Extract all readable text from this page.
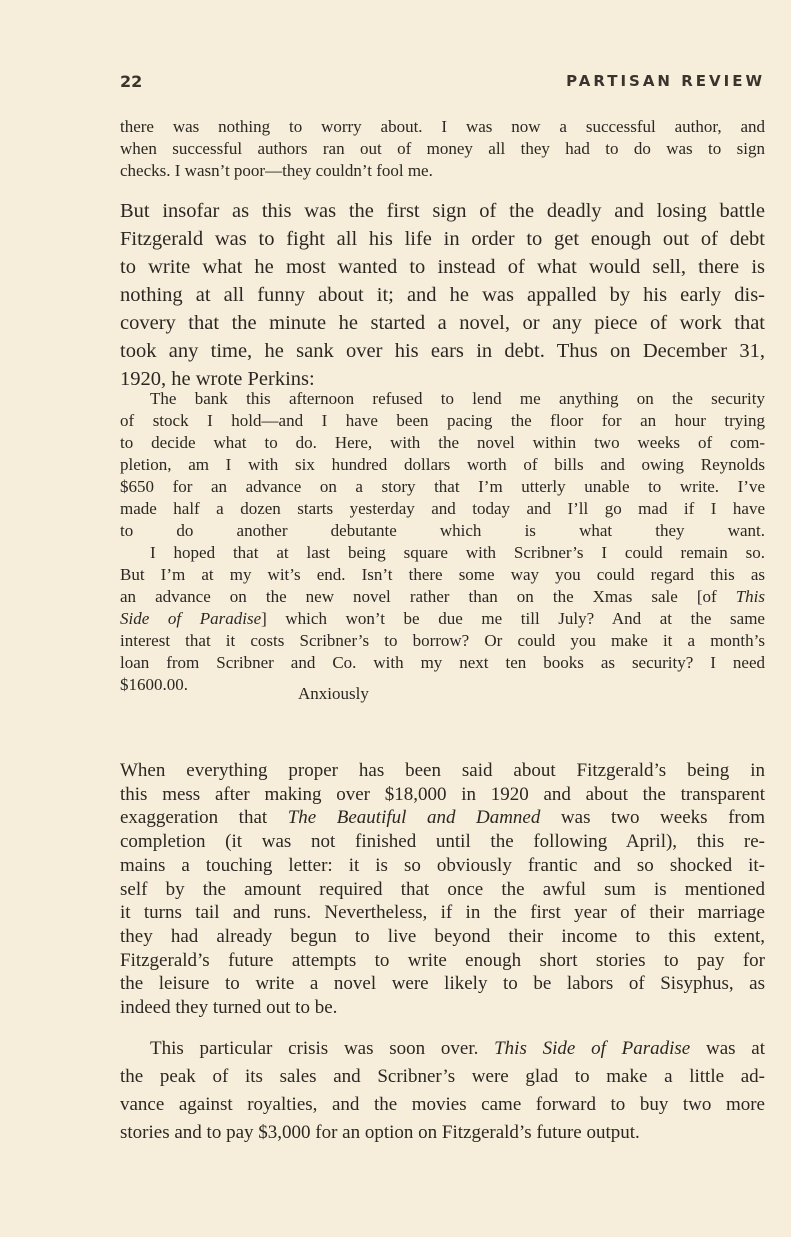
22	PARTISAN REVIEW
there was nothing to worry about. I was now a successful author, and
when successful authors ran out of money all they had to do was to sign
checks. I wasn’t poor—they couldn’t fool me.
But insofar as this was the first sign of the deadly and losing battle
Fitzgerald was to fight all his life in order to get enough out of debt
to write what he most wanted to instead of what would sell, there is
nothing at all funny about it; and he was appalled by his early dis-
covery that the minute he started a novel, or any piece of work that
took any time, he sank over his ears in debt. Thus on December 31,
1920, he wrote Perkins:
The bank this afternoon refused to lend me anything on the security
of stock I hold—and I have been pacing the floor for an hour trying
to decide what to do. Here, with the novel within two weeks of com-
pletion, am I with six hundred dollars worth of bills and owing Reynolds
$650 for an advance on a story that I’m utterly unable to write. I’ve
made half a dozen starts yesterday and today and I’ll go mad if I have
to do another debutante which is what they want.
I hoped that at last being square with Scribner’s I could remain so.
But I’m at my wit’s end. Isn’t there some way you could regard this as
an advance on the new novel rather than on the Xmas sale [of This
Side of Paradise] which won’t be due me till July? And at the same
interest that it costs Scribner’s to borrow? Or could you make it a month’s
loan from Scribner and Co. with my next ten books as security? I need
$1600.00.	Anxiously
When everything proper has been said about Fitzgerald’s being in
this mess after making over $18,000 in 1920 and about the transparent
exaggeration that The Beautiful and Damned was two weeks from
completion (it was not finished until the following April), this re-
mains a touching letter: it is so obviously frantic and so shocked it-
self by the amount required that once the awful sum is mentioned
it turns tail and runs. Nevertheless, if in the first year of their marriage
they had already begun to live beyond their income to this extent,
Fitzgerald’s future attempts to write enough short stories to pay for
the leisure to write a novel were likely to be labors of Sisyphus, as
indeed they turned out to be.
This particular crisis was soon over. This Side of Paradise was at
the peak of its sales and Scribner’s were glad to make a little ad-
vance against royalties, and the movies came forward to buy two more
stories and to pay $3,000 for an option on Fitzgerald’s future output.
